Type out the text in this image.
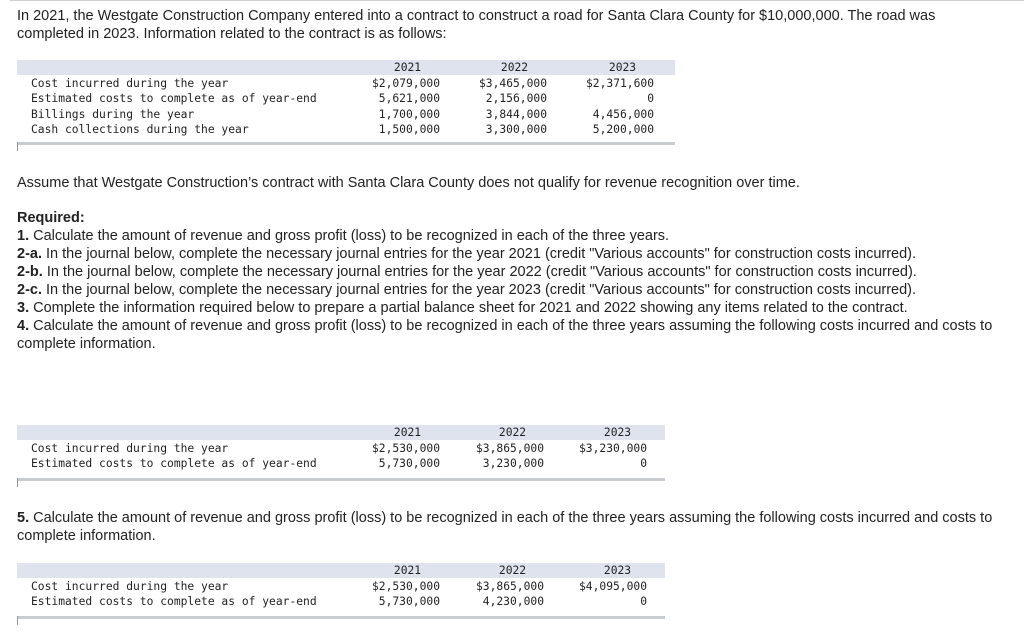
In 2021, the Westgate Construction Company entered into a contract to construct a road for Santa Clara County for $10,000,000. The road was completed in 2023. Information related to the contract is as follows:

2021	2022	2023
Cost incurred during the year	$2,079,000	$3,465,000	$2,371,600
Estimated costs to complete as of year-end	5,621,000	2,156,000	0
Billings during the year	1,700,000	3,844,000	4,456,000
Cash collections during the year	1,500,000	3,300,000	5,200,000

Assume that Westgate Construction’s contract with Santa Clara County does not qualify for revenue recognition over time.

Required:
1. Calculate the amount of revenue and gross profit (loss) to be recognized in each of the three years.
2-a. In the journal below, complete the necessary journal entries for the year 2021 (credit "Various accounts" for construction costs incurred).
2-b. In the journal below, complete the necessary journal entries for the year 2022 (credit "Various accounts" for construction costs incurred).
2-c. In the journal below, complete the necessary journal entries for the year 2023 (credit "Various accounts" for construction costs incurred).
3. Complete the information required below to prepare a partial balance sheet for 2021 and 2022 showing any items related to the contract.
4. Calculate the amount of revenue and gross profit (loss) to be recognized in each of the three years assuming the following costs incurred and costs to complete information.
2021	2022	2023
Cost incurred during the year	$2,530,000	$3,865,000	$3,230,000
Estimated costs to complete as of year-end	5,730,000	3,230,000	0
5. Calculate the amount of revenue and gross profit (loss) to be recognized in each of the three years assuming the following costs incurred and costs to complete information.
2021	2022	2023
Cost incurred during the year	$2,530,000	$3,865,000	$4,095,000
Estimated costs to complete as of year-end	5,730,000	4,230,000	0
